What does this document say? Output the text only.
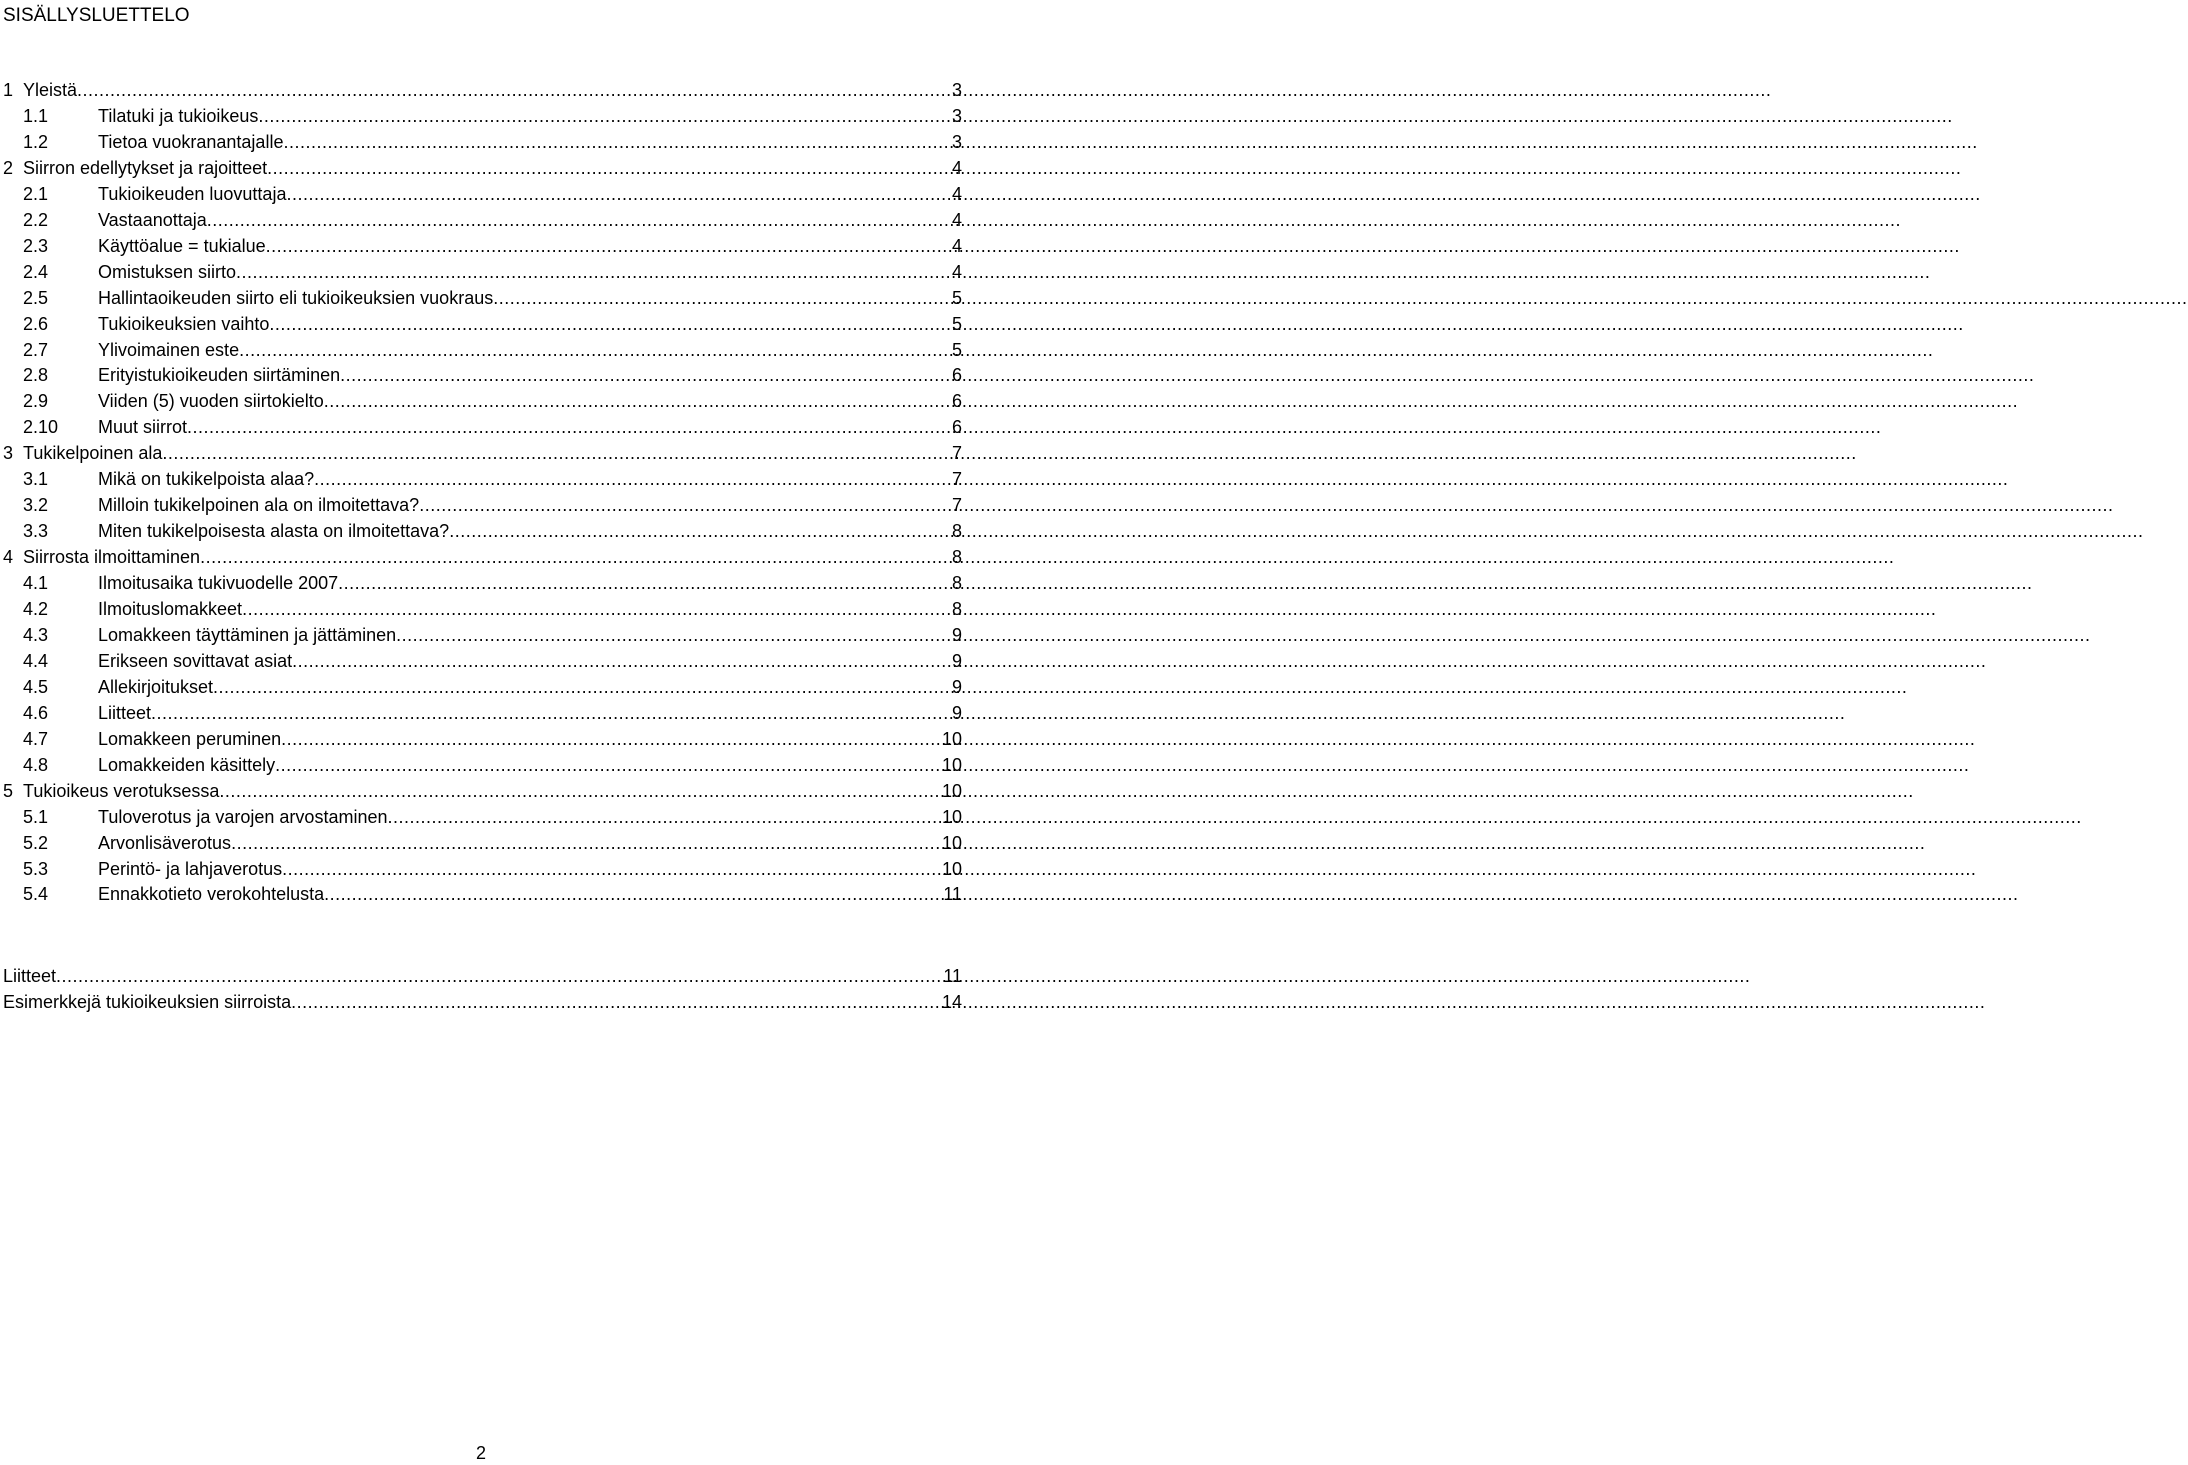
SISÄLLYSLUETTELO
1 Yleistä .....	3
1.1	Tilatuki ja tukioikeus .....	3
1.2	Tietoa vuokranantajalle .....	3
2 Siirron edellytykset ja rajoitteet .....	4
2.1	Tukioikeuden luovuttaja .....	4
2.2	Vastaanottaja .....	4
2.3	Käyttöalue = tukialue .....	4
2.4	Omistuksen siirto .....	4
2.5	Hallintaoikeuden siirto eli tukioikeuksien vuokraus .....	5
2.6	Tukioikeuksien vaihto .....	5
2.7	Ylivoimainen este .....	5
2.8	Erityistukioikeuden siirtäminen .....	6
2.9	Viiden (5) vuoden siirtokielto .....	6
2.10 Muut siirrot .....	6
3 Tukikelpoinen ala .....	7
3.1	Mikä on tukikelpoista alaa? .....	7
3.2	Milloin tukikelpoinen ala on ilmoitettava? .....	7
3.3	Miten tukikelpoisesta alasta on ilmoitettava? .....	8
4 Siirrosta ilmoittaminen .....	8
4.1	Ilmoitusaika tukivuodelle 2007 .....	8
4.2	Ilmoituslomakkeet .....	8
4.3	Lomakkeen täyttäminen ja jättäminen .....	9
4.4	Erikseen sovittavat asiat .....	9
4.5	Allekirjoitukset .....	9
4.6	Liitteet .....	9
4.7	Lomakkeen peruminen .....	10
4.8	Lomakkeiden käsittely .....	10
5 Tukioikeus verotuksessa .....	10
5.1	Tuloverotus ja varojen arvostaminen .....	10
5.2	Arvonlisäverotus .....	10
5.3	Perintö- ja lahjaverotus .....	10
5.4	Ennakkotieto verokohtelusta .....	11
Liitteet .....	11
Esimerkkejä tukioikeuksien siirroista .....	14
2
